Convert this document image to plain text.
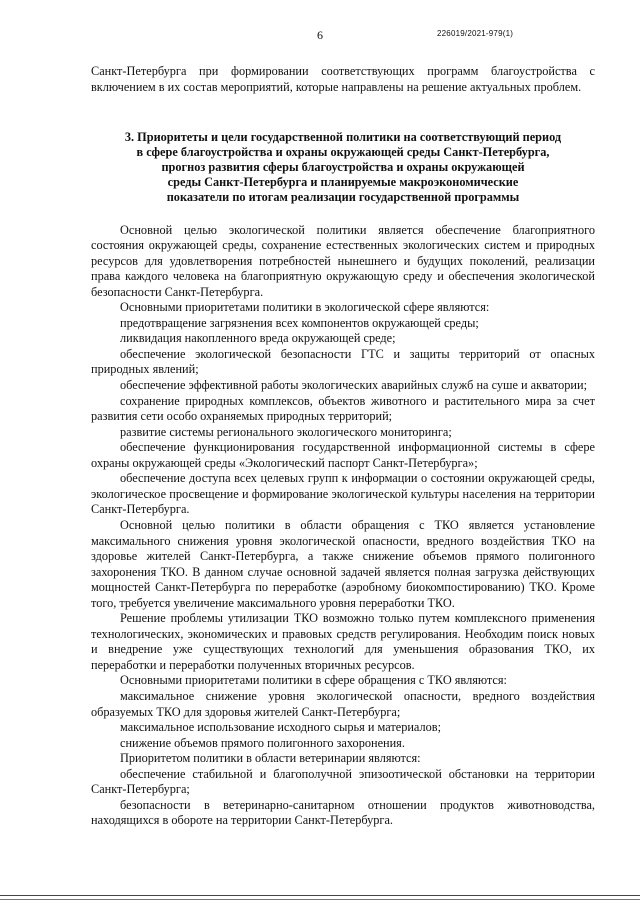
6	226019/2021-979(1)

Санкт-Петербурга при формировании соответствующих программ благоустройства с включением в их состав мероприятий, которые направлены на решение актуальных проблем.

3. Приоритеты и цели государственной политики на соответствующий период
в сфере благоустройства и охраны окружающей среды Санкт-Петербурга,
прогноз развития сферы благоустройства и охраны окружающей
среды Санкт-Петербурга и планируемые макроэкономические
показатели по итогам реализации государственной программы

Основной целью экологической политики является обеспечение благоприятного состояния окружающей среды, сохранение естественных экологических систем и природных ресурсов для удовлетворения потребностей нынешнего и будущих поколений, реализации права каждого человека на благоприятную окружающую среду и обеспечения экологической безопасности Санкт-Петербурга.

Основными приоритетами политики в экологической сфере являются:

предотвращение загрязнения всех компонентов окружающей среды;

ликвидация накопленного вреда окружающей среде;

обеспечение экологической безопасности ГТС и защиты территорий от опасных природных явлений;

обеспечение эффективной работы экологических аварийных служб на суше и акватории;

сохранение природных комплексов, объектов животного и растительного мира за счет развития сети особо охраняемых природных территорий;

развитие системы регионального экологического мониторинга;

обеспечение функционирования государственной информационной системы в сфере охраны окружающей среды «Экологический паспорт Санкт-Петербурга»;

обеспечение доступа всех целевых групп к информации о состоянии окружающей среды, экологическое просвещение и формирование экологической культуры населения на территории Санкт-Петербурга.

Основной целью политики в области обращения с ТКО является установление максимального снижения уровня экологической опасности, вредного воздействия ТКО на здоровье жителей Санкт-Петербурга, а также снижение объемов прямого полигонного захоронения ТКО. В данном случае основной задачей является полная загрузка действующих мощностей Санкт-Петербурга по переработке (аэробному биокомпостированию) ТКО. Кроме того, требуется увеличение максимального уровня переработки ТКО.

Решение проблемы утилизации ТКО возможно только путем комплексного применения технологических, экономических и правовых средств регулирования. Необходим поиск новых и внедрение уже существующих технологий для уменьшения образования ТКО, их переработки и переработки полученных вторичных ресурсов.

Основными приоритетами политики в сфере обращения с ТКО являются:

максимальное снижение уровня экологической опасности, вредного воздействия образуемых ТКО для здоровья жителей Санкт-Петербурга;

максимальное использование исходного сырья и материалов;

снижение объемов прямого полигонного захоронения.

Приоритетом политики в области ветеринарии являются:

обеспечение стабильной и благополучной эпизоотической обстановки на территории Санкт-Петербурга;

безопасности в ветеринарно-санитарном отношении продуктов животноводства, находящихся в обороте на территории Санкт-Петербурга.
